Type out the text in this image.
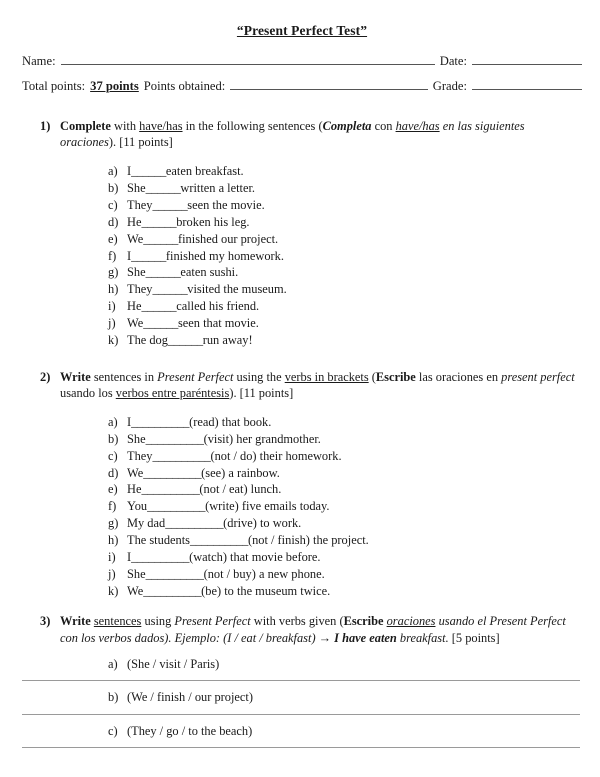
“Present Perfect Test”
Name:	Date:
Total points: 37 points Points obtained:	Grade:
1) Complete with have/has in the following sentences (Completa con have/has en las siguientes oraciones). [11 points]
a) I ______ eaten breakfast.
b) She ______ written a letter.
c) They ______ seen the movie.
d) He ______ broken his leg.
e) We ______ finished our project.
f) I ______ finished my homework.
g) She ______ eaten sushi.
h) They ______ visited the museum.
i) He ______ called his friend.
j) We ______ seen that movie.
k) The dog ______ run away!
2) Write sentences in Present Perfect using the verbs in brackets (Escribe las oraciones en present perfect usando los verbos entre paréntesis). [11 points]
a) I __________ (read) that book.
b) She __________ (visit) her grandmother.
c) They __________ (not / do) their homework.
d) We __________ (see) a rainbow.
e) He __________ (not / eat) lunch.
f) You __________ (write) five emails today.
g) My dad __________ (drive) to work.
h) The students __________ (not / finish) the project.
i) I __________ (watch) that movie before.
j) She __________ (not / buy) a new phone.
k) We __________ (be) to the museum twice.
3) Write sentences using Present Perfect with verbs given (Escribe oraciones usando el Present Perfect con los verbos dados). Ejemplo: (I / eat / breakfast) → I have eaten breakfast. [5 points]
a) (She / visit / Paris)
b) (We / finish / our project)
c) (They / go / to the beach)
